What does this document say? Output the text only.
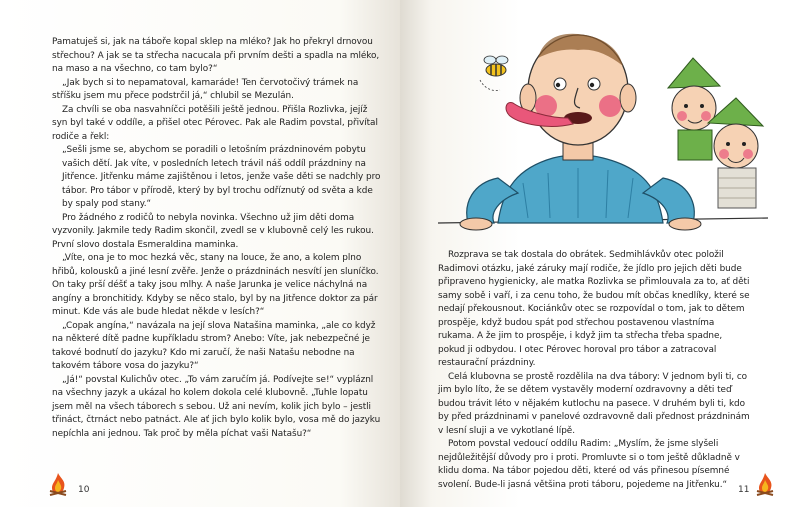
Pamatuješ si, jak na táboře kopal sklep na mléko? Jak ho překryl drnovou střechou? A jak se ta střecha nacucala při prvním dešti a spadla na mléko, na maso a na všechno, co tam bylo?“

„Jak bych si to nepamatoval, kamaráde! Ten červotočivý trámek na stříšku jsem mu přece podstrčil já,“ chlubil se Mezulán.

Za chvíli se oba nasvahníčci potěšili ještě jednou. Přišla Rozlivka, jejíž syn byl také v oddíle, a přišel otec Pérovec. Pak ale Radim povstal, přivítal rodiče a řekl:

„Sešli jsme se, abychom se poradili o letošním prázdninovém pobytu vašich dětí. Jak víte, v posledních letech trávil náš oddíl prázdniny na Jitřence. Jitřenku máme zajištěnou i letos, jenže vaše děti se nadchly pro tábor. Pro tábor v přírodě, který by byl trochu odříznutý od světa a kde by spaly pod stany.“

Pro žádného z rodičů to nebyla novinka. Všechno už jim děti doma vyzvonily. Jakmile tedy Radim skončil, zvedl se v klubovně celý les rukou. První slovo dostala Esmeraldina maminka.

„Víte, ona je to moc hezká věc, stany na louce, že ano, a kolem plno hřibů, kolousků a jiné lesní zvěře. Jenže o prázdninách nesvítí jen sluníčko. On taky prší déšť a taky jsou mlhy. A naše Jarunka je velice náchylná na angíny a bronchitidy. Kdyby se něco stalo, byl by na Jitřence doktor za pár minut. Kde vás ale bude hledat někde v lesích?“

„Copak angína,“ navázala na její slova Natašina maminka, „ale co když na některé dítě padne kupříkladu strom? Anebo: Víte, jak nebezpečné je takové bodnutí do jazyku? Kdo mi zaručí, že naši Natašu nebodne na takovém tábore vosa do jazyku?“

„Já!“ povstal Kulichův otec. „To vám zaručím já. Podívejte se!“ vypláznl na všechny jazyk a ukázal ho kolem dokola celé klubovně. „Tuhle lopatu jsem měl na všech táborech s sebou. Už ani nevím, kolik jich bylo – jestli třináct, čtrnáct nebo patnáct. Ale ať jich bylo kolik bylo, vosa mě do jazyku nepíchla ani jednou. Tak proč by měla píchat vaši Natašu?“

10

Rozprava se tak dostala do obrátek. Sedmihlávkův otec položil Radimovi otázku, jaké záruky mají rodiče, že jídlo pro jejich děti bude připraveno hygienicky, ale matka Rozlivka se přimlouvala za to, ať děti samy sobě i vaří, i za cenu toho, že budou mít občas knedlíky, které se nedají překousnout. Kociánkův otec se rozpovídal o tom, jak to dětem prospěje, když budou spát pod střechou postavenou vlastníma rukama. A že jim to prospěje, i když jim ta střecha třeba spadne, pokud ji odbydou. I otec Pérovec horoval pro tábor a zatracoval restaurační prázdniny.

Celá klubovna se prostě rozdělila na dva tábory: V jednom byli ti, co jim bylo líto, že se dětem vystavěly moderní ozdravovny a děti teď budou trávit léto v nějakém kutlochu na pasece. V druhém byli ti, kdo by před prázdninami v panelové ozdravovně dali přednost prázdninám v lesní sluji a ve vykotlané lípě.

Potom povstal vedoucí oddílu Radim: „Myslím, že jsme slyšeli nejdůležitější důvody pro i proti. Promluvte si o tom ještě důkladně v klidu doma. Na tábor pojedou děti, které od vás přinesou písemné svolení. Bude-li jasná většina proti táboru, pojedeme na Jitřenku.“

11
